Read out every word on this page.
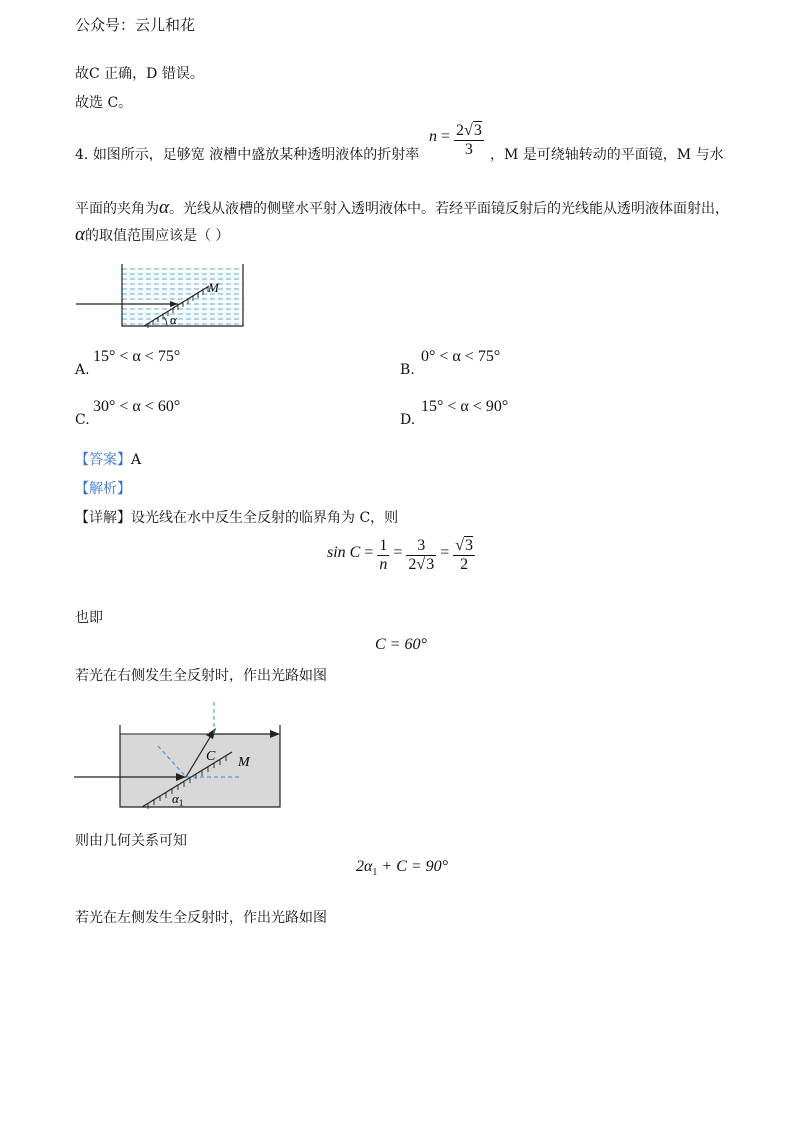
公众号：云儿和花
故C 正确，D 错误。
故选 C。
4. 如图所示，足够宽 液槽中盛放某种透明液体的折射率
$n = \frac{2√3}{3}$ ，M 是可绕轴转动的平面镜，M 与水
平面的夹角为α。光线从液槽的侧壁水平射入透明液体中。若经平面镜反射后的光线能从透明液体面射出，
α的取值范围应该是（ ）
M
α
A.
15° < α < 75°
B.
0° < α < 75°
C.
30° < α < 60°
D.
15° < α < 90°
【答案】A
【解析】
【详解】设光线在水中反生全反射的临界角为 C，则
$\sin C = \frac{1}{n} = \frac{3}{2√3} = \frac{√3}{2}$
也即
C = 60°
若光在右侧发生全反射时，作出光路如图
C M
$\alpha_1$
则由几何关系可知
$2\alpha_1 + C = 90^\circ$
若光在左侧发生全反射时，作出光路如图
